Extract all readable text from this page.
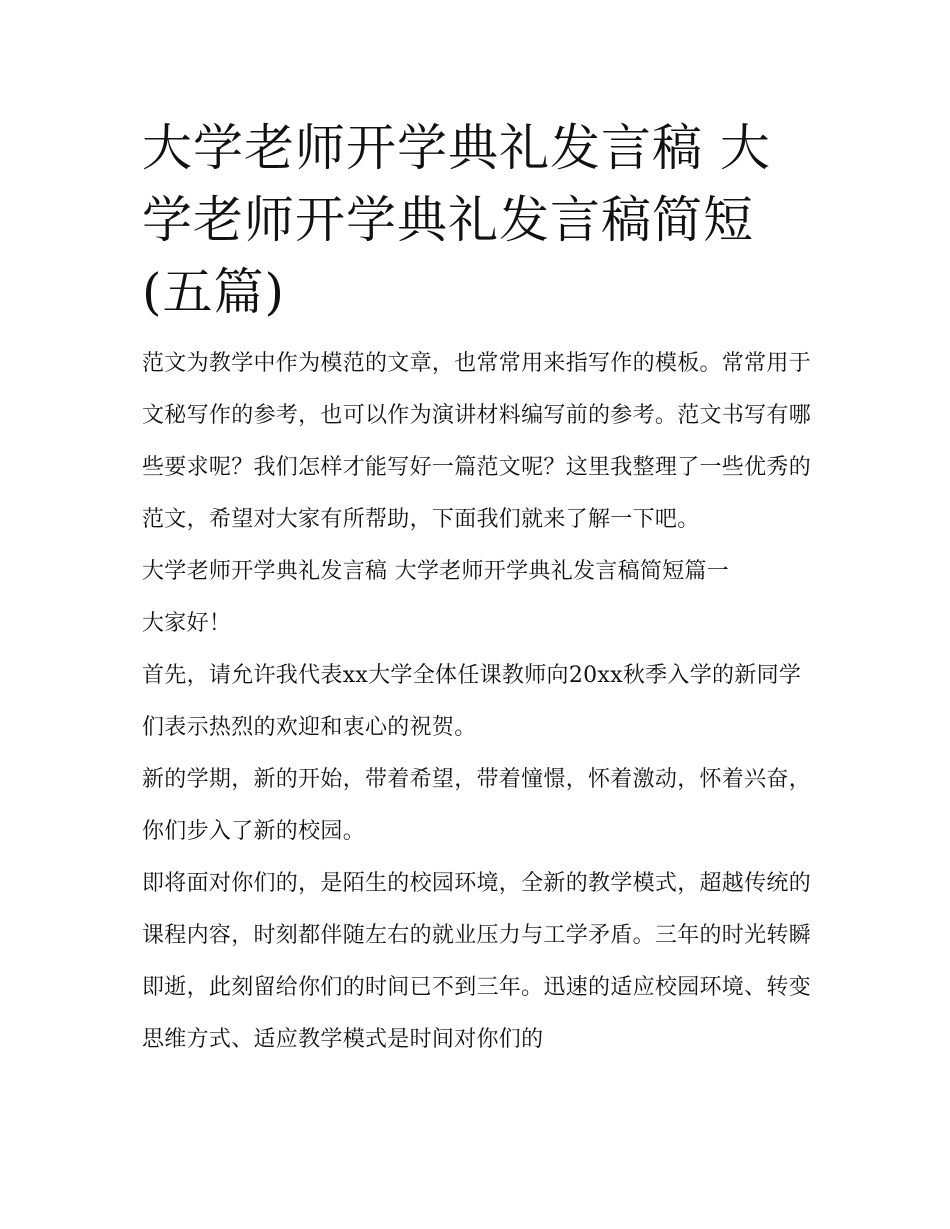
大学老师开学典礼发言稿 大学老师开学典礼发言稿简短(五篇)

范文为教学中作为模范的文章，也常常用来指写作的模板。常常用于文秘写作的参考，也可以作为演讲材料编写前的参考。范文书写有哪些要求呢？我们怎样才能写好一篇范文呢？这里我整理了一些优秀的范文，希望对大家有所帮助，下面我们就来了解一下吧。

大学老师开学典礼发言稿 大学老师开学典礼发言稿简短篇一

大家好！

首先，请允许我代表xx大学全体任课教师向20xx秋季入学的新同学们表示热烈的欢迎和衷心的祝贺。

新的学期，新的开始，带着希望，带着憧憬，怀着激动，怀着兴奋，你们步入了新的校园。

即将面对你们的，是陌生的校园环境，全新的教学模式，超越传统的课程内容，时刻都伴随左右的就业压力与工学矛盾。三年的时光转瞬即逝，此刻留给你们的时间已不到三年。迅速的适应校园环境、转变思维方式、适应教学模式是时间对你们的
